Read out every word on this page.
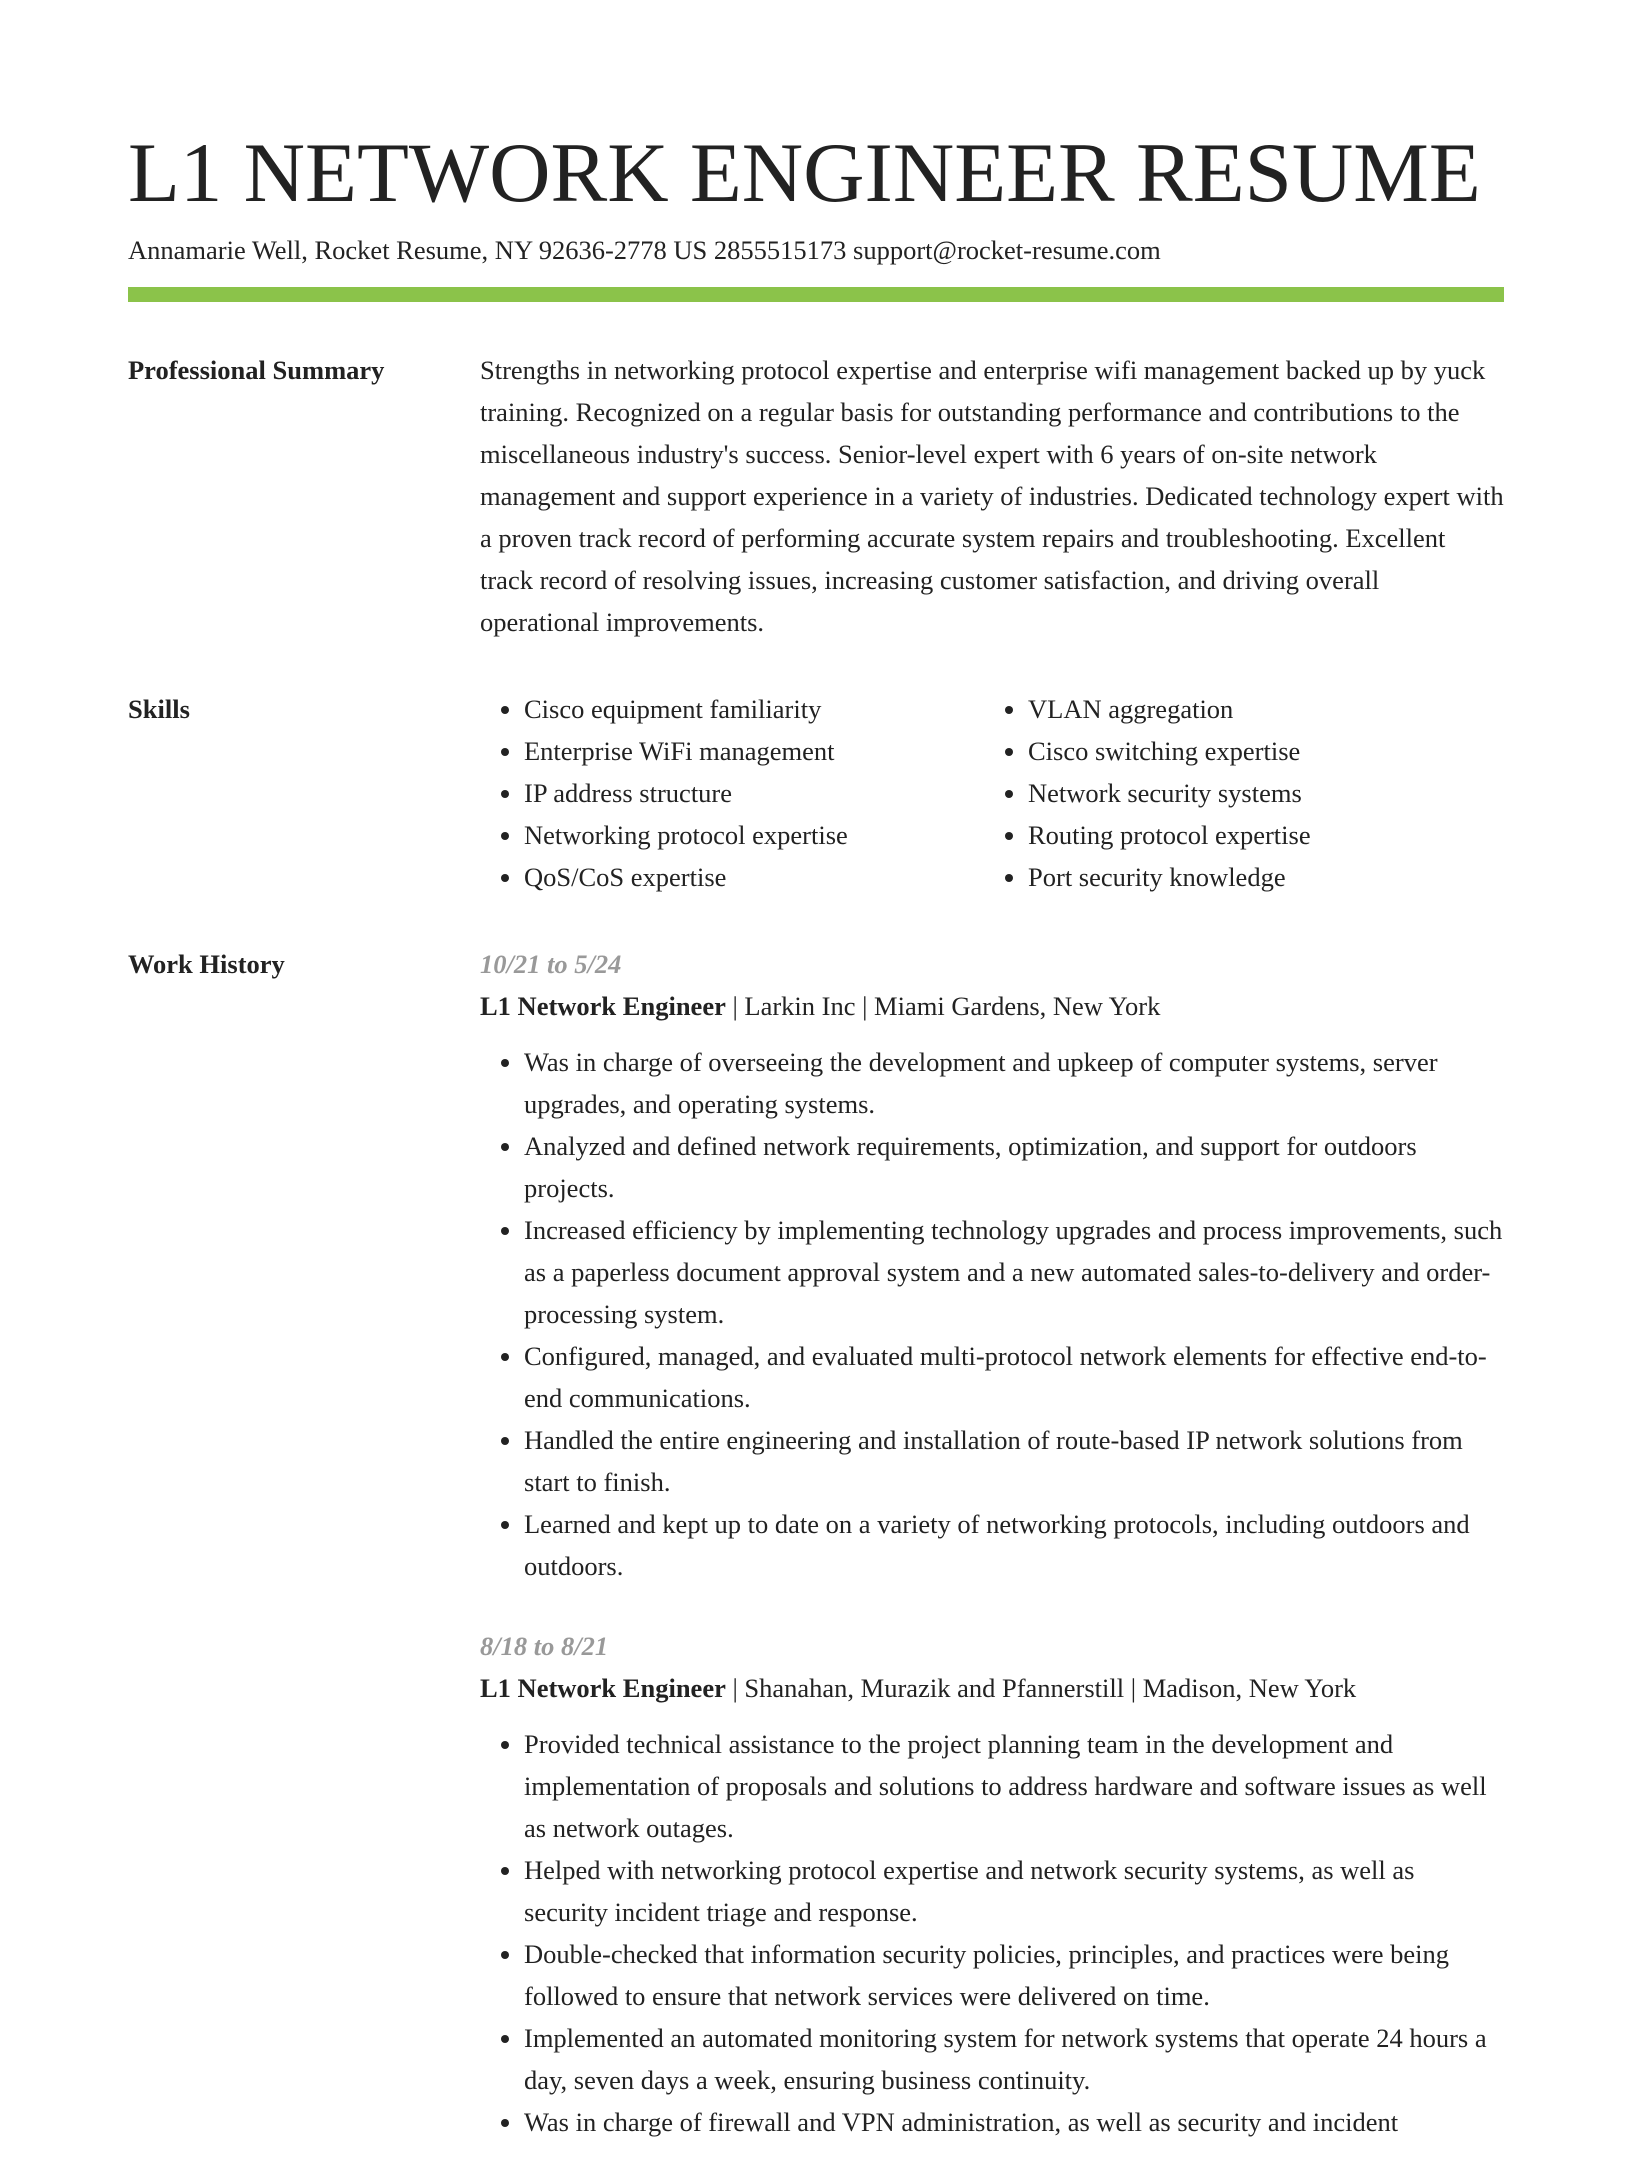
L1 NETWORK ENGINEER RESUME
Annamarie Well, Rocket Resume, NY 92636-2778 US 2855515173 support@rocket-resume.com
Professional Summary	Strengths in networking protocol expertise and enterprise wifi management backed up by yuck training. Recognized on a regular basis for outstanding performance and contributions to the miscellaneous industry's success. Senior-level expert with 6 years of on-site network management and support experience in a variety of industries. Dedicated technology expert with a proven track record of performing accurate system repairs and troubleshooting. Excellent track record of resolving issues, increasing customer satisfaction, and driving overall operational improvements.

Skills
•	Cisco equipment familiarity
• Enterprise WiFi management
• IP address structure
• Networking protocol expertise
• QoS/CoS expertise
• VLAN aggregation
• Cisco switching expertise
• Network security systems
• Routing protocol expertise
• Port security knowledge
Work History	10/21 to 5/24
L1 Network Engineer | Larkin Inc | Miami Gardens, New York
• Was in charge of overseeing the development and upkeep of computer systems, server upgrades, and operating systems.
• Analyzed and defined network requirements, optimization, and support for outdoors projects.
• Increased efficiency by implementing technology upgrades and process improvements, such as a paperless document approval system and a new automated sales-to-delivery and order-processing system.
• Configured, managed, and evaluated multi-protocol network elements for effective end-to-end communications.
• Handled the entire engineering and installation of route-based IP network solutions from start to finish.
• Learned and kept up to date on a variety of networking protocols, including outdoors and outdoors.
8/18 to 8/21
L1 Network Engineer | Shanahan, Murazik and Pfannerstill | Madison, New York
• Provided technical assistance to the project planning team in the development and implementation of proposals and solutions to address hardware and software issues as well as network outages.
• Helped with networking protocol expertise and network security systems, as well as security incident triage and response.
• Double-checked that information security policies, principles, and practices were being followed to ensure that network services were delivered on time.
• Implemented an automated monitoring system for network systems that operate 24 hours a day, seven days a week, ensuring business continuity.
• Was in charge of firewall and VPN administration, as well as security and incident
